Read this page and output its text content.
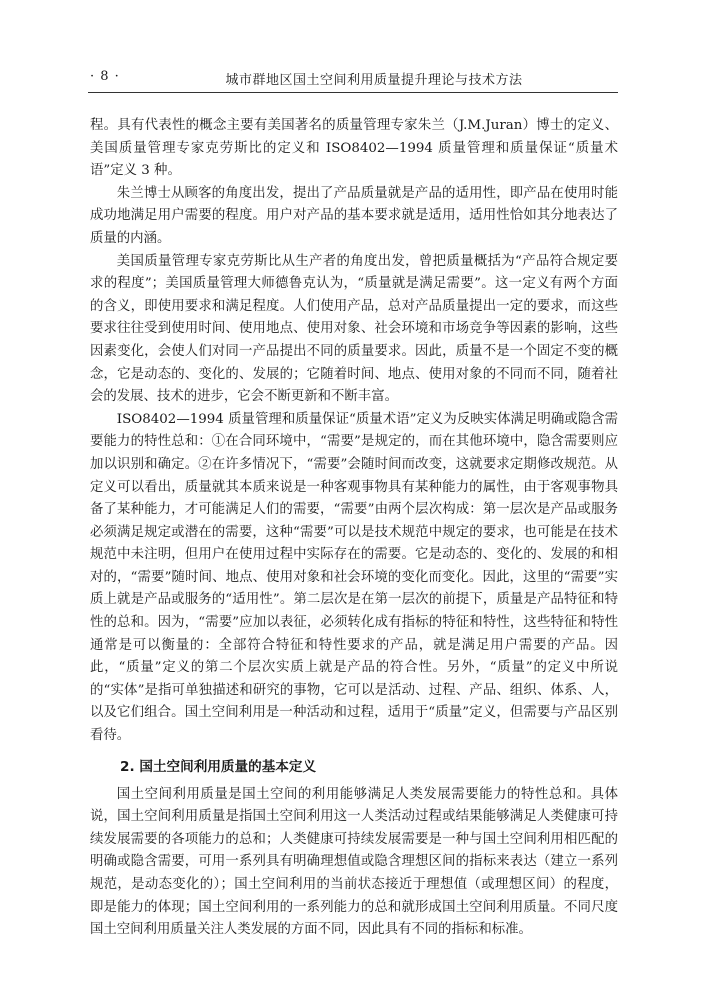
· 8 ·	城市群地区国土空间利用质量提升理论与技术方法

程。具有代表性的概念主要有美国著名的质量管理专家朱兰（J.M.Juran）博士的定义、美国质量管理专家克劳斯比的定义和 ISO8402—1994 质量管理和质量保证“质量术语”定义 3 种。

朱兰博士从顾客的角度出发，提出了产品质量就是产品的适用性，即产品在使用时能成功地满足用户需要的程度。用户对产品的基本要求就是适用，适用性恰如其分地表达了质量的内涵。

美国质量管理专家克劳斯比从生产者的角度出发，曾把质量概括为“产品符合规定要求的程度”；美国质量管理大师德鲁克认为，“质量就是满足需要”。这一定义有两个方面的含义，即使用要求和满足程度。人们使用产品，总对产品质量提出一定的要求，而这些要求往往受到使用时间、使用地点、使用对象、社会环境和市场竞争等因素的影响，这些因素变化，会使人们对同一产品提出不同的质量要求。因此，质量不是一个固定不变的概念，它是动态的、变化的、发展的；它随着时间、地点、使用对象的不同而不同，随着社会的发展、技术的进步，它会不断更新和不断丰富。

ISO8402—1994 质量管理和质量保证“质量术语”定义为反映实体满足明确或隐含需要能力的特性总和：①在合同环境中，“需要”是规定的，而在其他环境中，隐含需要则应加以识别和确定。②在许多情况下，“需要”会随时间而改变，这就要求定期修改规范。从定义可以看出，质量就其本质来说是一种客观事物具有某种能力的属性，由于客观事物具备了某种能力，才可能满足人们的需要，“需要”由两个层次构成：第一层次是产品或服务必须满足规定或潜在的需要，这种“需要”可以是技术规范中规定的要求，也可能是在技术规范中未注明，但用户在使用过程中实际存在的需要。它是动态的、变化的、发展的和相对的，“需要”随时间、地点、使用对象和社会环境的变化而变化。因此，这里的“需要”实质上就是产品或服务的“适用性”。第二层次是在第一层次的前提下，质量是产品特征和特性的总和。因为，“需要”应加以表征，必须转化成有指标的特征和特性，这些特征和特性通常是可以衡量的：全部符合特征和特性要求的产品，就是满足用户需要的产品。因此，“质量”定义的第二个层次实质上就是产品的符合性。另外，“质量”的定义中所说的“实体”是指可单独描述和研究的事物，它可以是活动、过程、产品、组织、体系、人，以及它们组合。国土空间利用是一种活动和过程，适用于“质量”定义，但需要与产品区别看待。

2. 国土空间利用质量的基本定义

国土空间利用质量是国土空间的利用能够满足人类发展需要能力的特性总和。具体说，国土空间利用质量是指国土空间利用这一人类活动过程或结果能够满足人类健康可持续发展需要的各项能力的总和；人类健康可持续发展需要是一种与国土空间利用相匹配的明确或隐含需要，可用一系列具有明确理想值或隐含理想区间的指标来表达（建立一系列规范，是动态变化的）；国土空间利用的当前状态接近于理想值（或理想区间）的程度，即是能力的体现；国土空间利用的一系列能力的总和就形成国土空间利用质量。不同尺度国土空间利用质量关注人类发展的方面不同，因此具有不同的指标和标准。
